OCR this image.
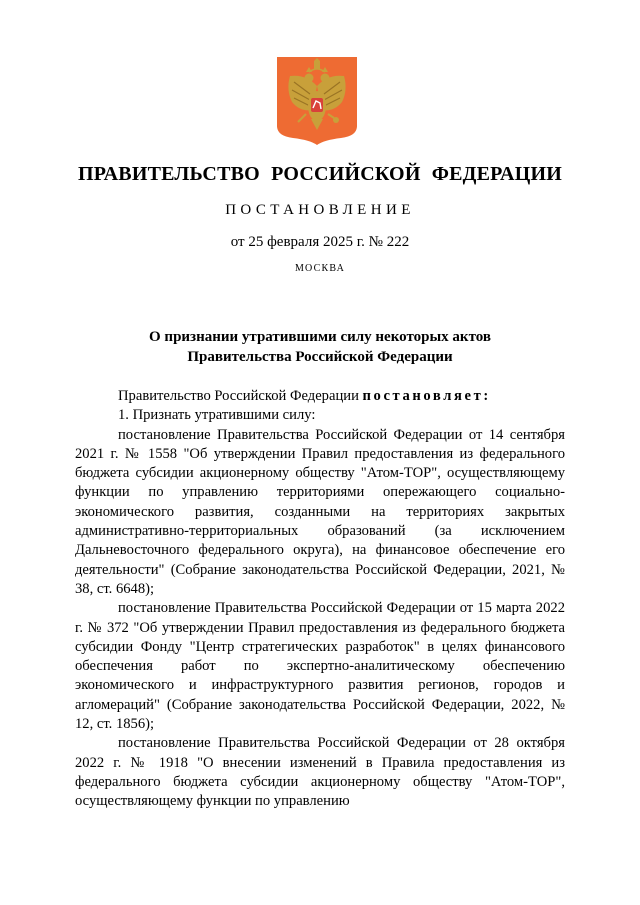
ПРАВИТЕЛЬСТВО РОССИЙСКОЙ ФЕДЕРАЦИИ
ПОСТАНОВЛЕНИЕ
от 25 февраля 2025 г. № 222
МОСКВА
О признании утратившими силу некоторых актов
Правительства Российской Федерации

Правительство Российской Федерации постановляет:

1. Признать утратившими силу:

постановление Правительства Российской Федерации от 14 сентября 2021 г. № 1558 "Об утверждении Правил предоставления из федерального бюджета субсидии акционерному обществу "Атом-ТОР", осуществляющему функции по управлению территориями опережающего социально-экономического развития, созданными на территориях закрытых административно-территориальных образований (за исключением Дальневосточного федерального округа), на финансовое обеспечение его деятельности" (Собрание законодательства Российской Федерации, 2021, № 38, ст. 6648);

постановление Правительства Российской Федерации от 15 марта 2022 г. № 372 "Об утверждении Правил предоставления из федерального бюджета субсидии Фонду "Центр стратегических разработок" в целях финансового обеспечения работ по экспертно-аналитическому обеспечению экономического и инфраструктурного развития регионов, городов и агломераций" (Собрание законодательства Российской Федерации, 2022, № 12, ст. 1856);

постановление Правительства Российской Федерации от 28 октября 2022 г. № 1918 "О внесении изменений в Правила предоставления из федерального бюджета субсидии акционерному обществу "Атом-ТОР", осуществляющему функции по управлению
